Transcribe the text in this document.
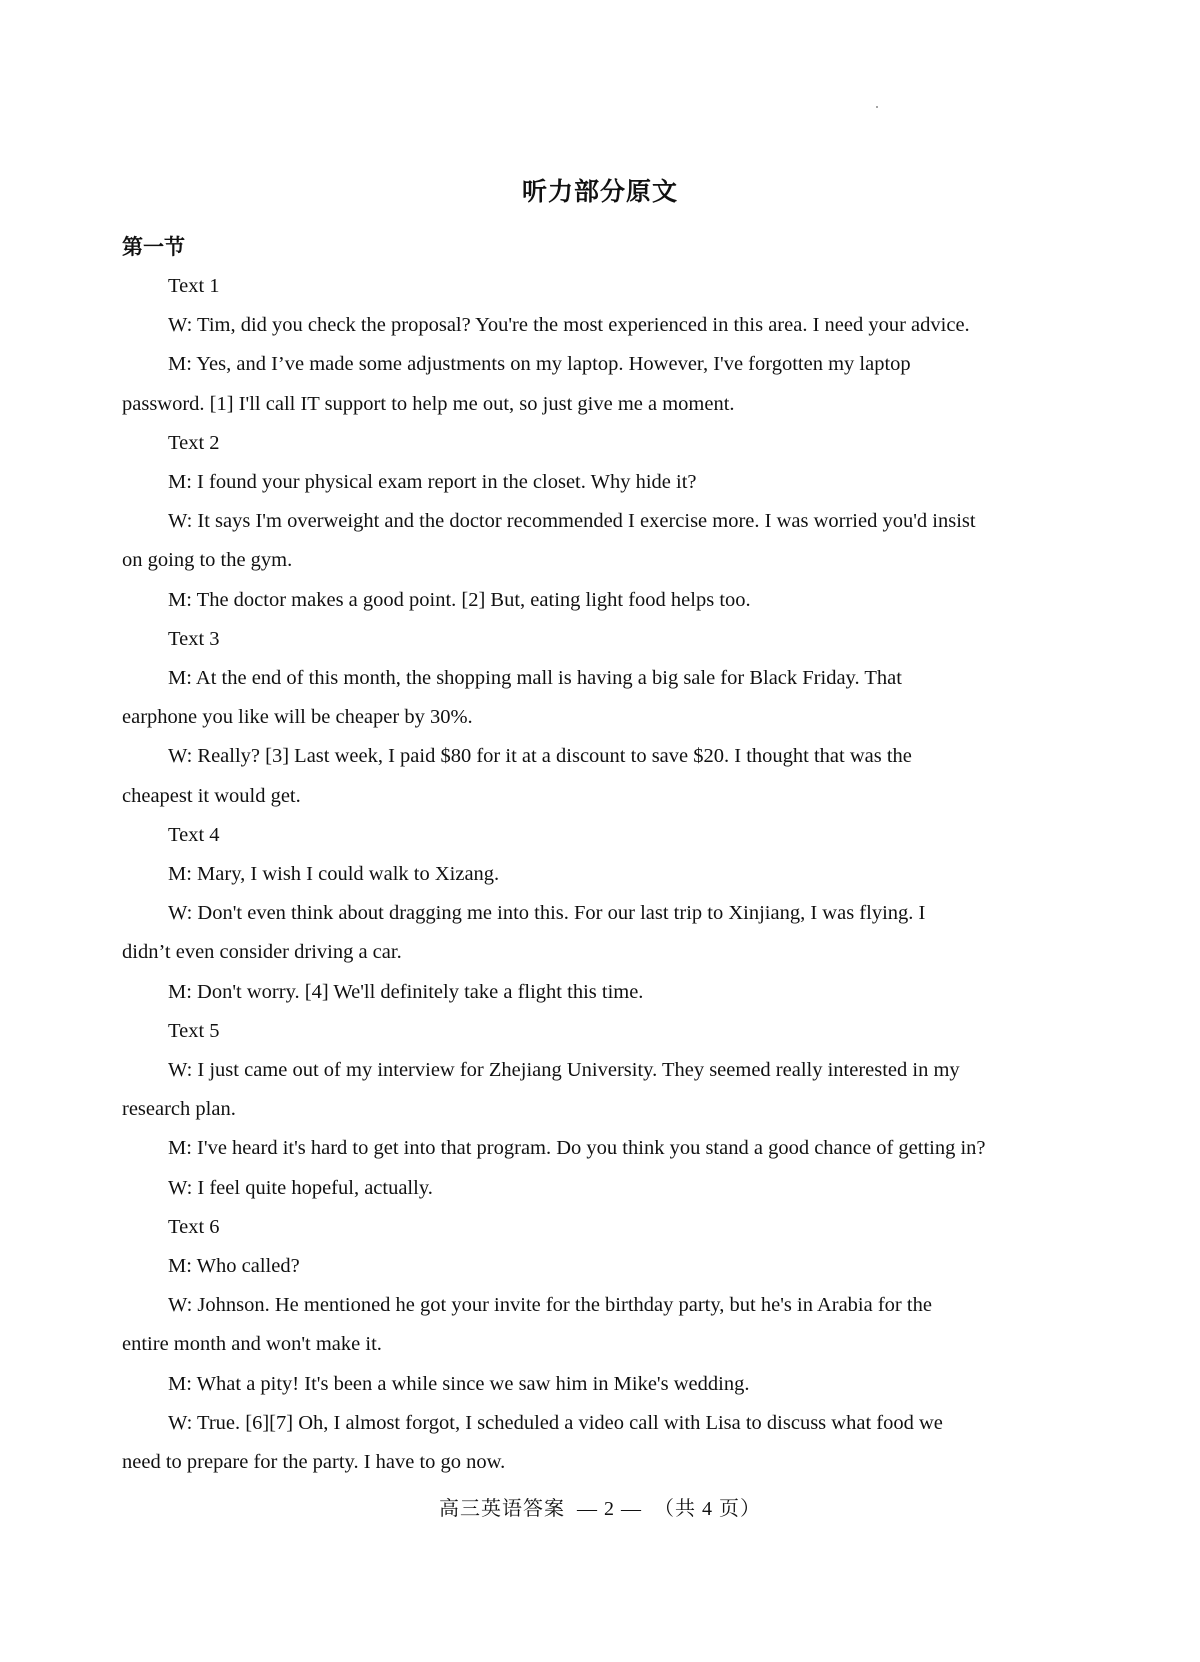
听力部分原文
第一节
Text 1
W: Tim, did you check the proposal? You're the most experienced in this area. I need your advice.
M: Yes, and I’ve made some adjustments on my laptop. However, I've forgotten my laptop
password. [1] I'll call IT support to help me out, so just give me a moment.
Text 2
M: I found your physical exam report in the closet. Why hide it?
W: It says I'm overweight and the doctor recommended I exercise more. I was worried you'd insist
on going to the gym.
M: The doctor makes a good point. [2] But, eating light food helps too.
Text 3
M: At the end of this month, the shopping mall is having a big sale for Black Friday. That
earphone you like will be cheaper by 30%.
W: Really? [3] Last week, I paid $80 for it at a discount to save $20. I thought that was the
cheapest it would get.
Text 4
M: Mary, I wish I could walk to Xizang.
W: Don't even think about dragging me into this. For our last trip to Xinjiang, I was flying. I
didn’t even consider driving a car.
M: Don't worry. [4] We'll definitely take a flight this time.
Text 5
W: I just came out of my interview for Zhejiang University. They seemed really interested in my
research plan.
M: I've heard it's hard to get into that program. Do you think you stand a good chance of getting in?
W: I feel quite hopeful, actually.
Text 6
M: Who called?
W: Johnson. He mentioned he got your invite for the birthday party, but he's in Arabia for the
entire month and won't make it.
M: What a pity! It's been a while since we saw him in Mike's wedding.
W: True. [6][7] Oh, I almost forgot, I scheduled a video call with Lisa to discuss what food we
need to prepare for the party. I have to go now.
高三英语答案  — 2 —  （共 4 页）
